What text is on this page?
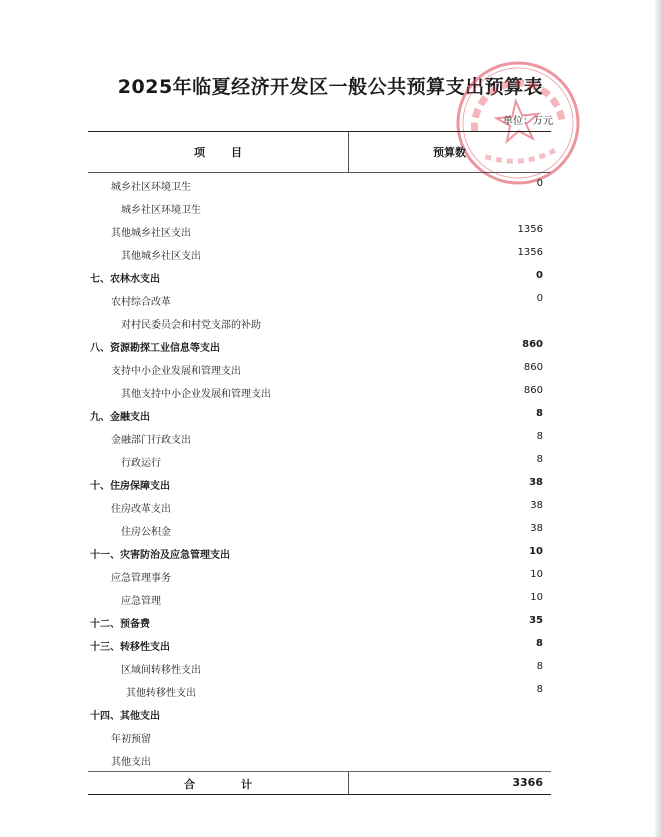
2025年临夏经济开发区一般公共预算支出预算表
单位：万元
项目	预算数
城乡社区环境卫生	0
城乡社区环境卫生
其他城乡社区支出	1356
其他城乡社区支出	1356
七、农林水支出	0
农村综合改革	0
对村民委员会和村党支部的补助
八、资源勘探工业信息等支出	860
支持中小企业发展和管理支出	860
其他支持中小企业发展和管理支出	860
九、金融支出	8
金融部门行政支出	8
行政运行	8
十、住房保障支出	38
住房改革支出	38
住房公积金	38
十一、灾害防治及应急管理支出	10
应急管理事务	10
应急管理	10
十二、预备费	35
十三、转移性支出	8
区域间转移性支出	8
其他转移性支出	8
十四、其他支出
年初预留
其他支出
合计	3366
